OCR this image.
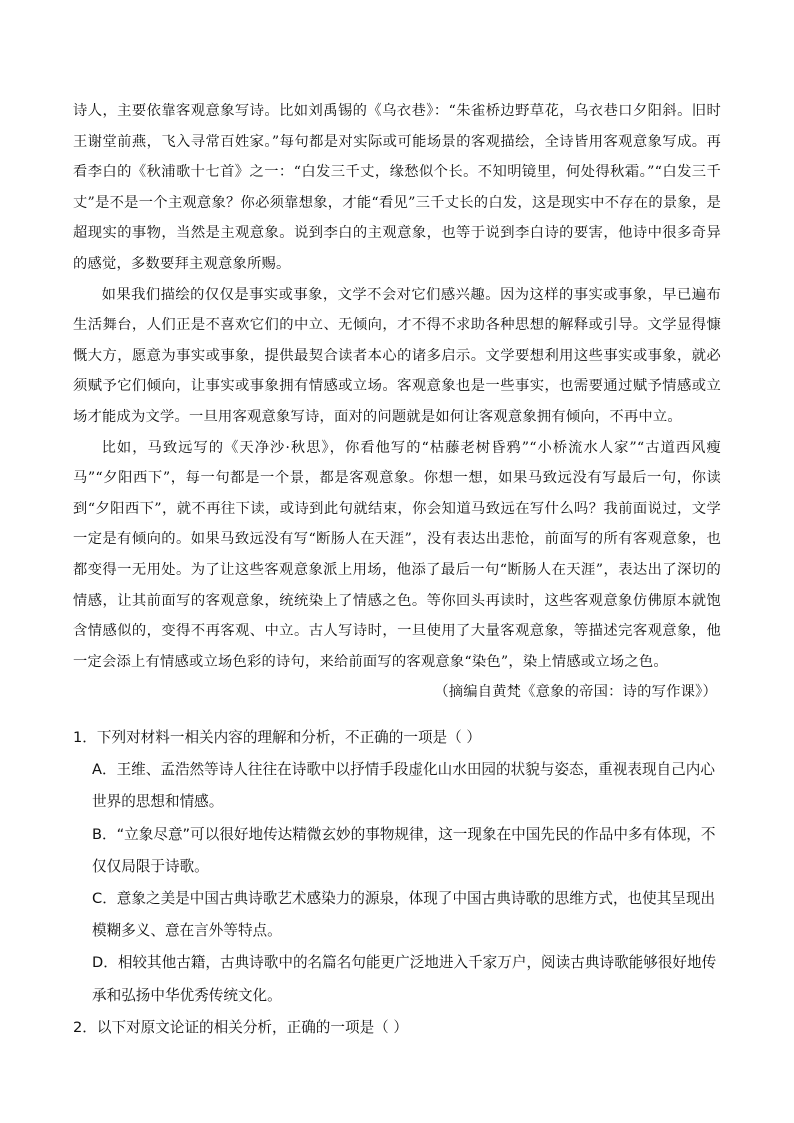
诗人，主要依靠客观意象写诗。比如刘禹锡的《乌衣巷》：“朱雀桥边野草花，乌衣巷口夕阳斜。旧时王谢堂前燕，飞入寻常百姓家。”每句都是对实际或可能场景的客观描绘，全诗皆用客观意象写成。再看李白的《秋浦歌十七首》之一：“白发三千丈，缘愁似个长。不知明镜里，何处得秋霜。”“白发三千丈”是不是一个主观意象？你必须靠想象，才能“看见”三千丈长的白发，这是现实中不存在的景象，是超现实的事物，当然是主观意象。说到李白的主观意象，也等于说到李白诗的要害，他诗中很多奇异的感觉，多数要拜主观意象所赐。

如果我们描绘的仅仅是事实或事象，文学不会对它们感兴趣。因为这样的事实或事象，早已遍布生活舞台，人们正是不喜欢它们的中立、无倾向，才不得不求助各种思想的解释或引导。文学显得慷慨大方，愿意为事实或事象，提供最契合读者本心的诸多启示。文学要想利用这些事实或事象，就必须赋予它们倾向，让事实或事象拥有情感或立场。客观意象也是一些事实，也需要通过赋予情感或立场才能成为文学。一旦用客观意象写诗，面对的问题就是如何让客观意象拥有倾向，不再中立。

比如，马致远写的《天净沙·秋思》，你看他写的“枯藤老树昏鸦”“小桥流水人家”“古道西风瘦马”“夕阳西下”，每一句都是一个景，都是客观意象。你想一想，如果马致远没有写最后一句，你读到“夕阳西下”，就不再往下读，或诗到此句就结束，你会知道马致远在写什么吗？我前面说过，文学一定是有倾向的。如果马致远没有写“断肠人在天涯”，没有表达出悲怆，前面写的所有客观意象，也都变得一无用处。为了让这些客观意象派上用场，他添了最后一句“断肠人在天涯”，表达出了深切的情感，让其前面写的客观意象，统统染上了情感之色。等你回头再读时，这些客观意象仿佛原本就饱含情感似的，变得不再客观、中立。古人写诗时，一旦使用了大量客观意象，等描述完客观意象，他一定会添上有情感或立场色彩的诗句，来给前面写的客观意象“染色”，染上情感或立场之色。

（摘编自黄梵《意象的帝国：诗的写作课》）

1．下列对材料一相关内容的理解和分析，不正确的一项是（ ）

A．王维、孟浩然等诗人往往在诗歌中以抒情手段虚化山水田园的状貌与姿态，重视表现自己内心世界的思想和情感。

B．“立象尽意”可以很好地传达精微玄妙的事物规律，这一现象在中国先民的作品中多有体现，不仅仅局限于诗歌。

C．意象之美是中国古典诗歌艺术感染力的源泉，体现了中国古典诗歌的思维方式，也使其呈现出模糊多义、意在言外等特点。

D．相较其他古籍，古典诗歌中的名篇名句能更广泛地进入千家万户，阅读古典诗歌能够很好地传承和弘扬中华优秀传统文化。

2．以下对原文论证的相关分析，正确的一项是（ ）
